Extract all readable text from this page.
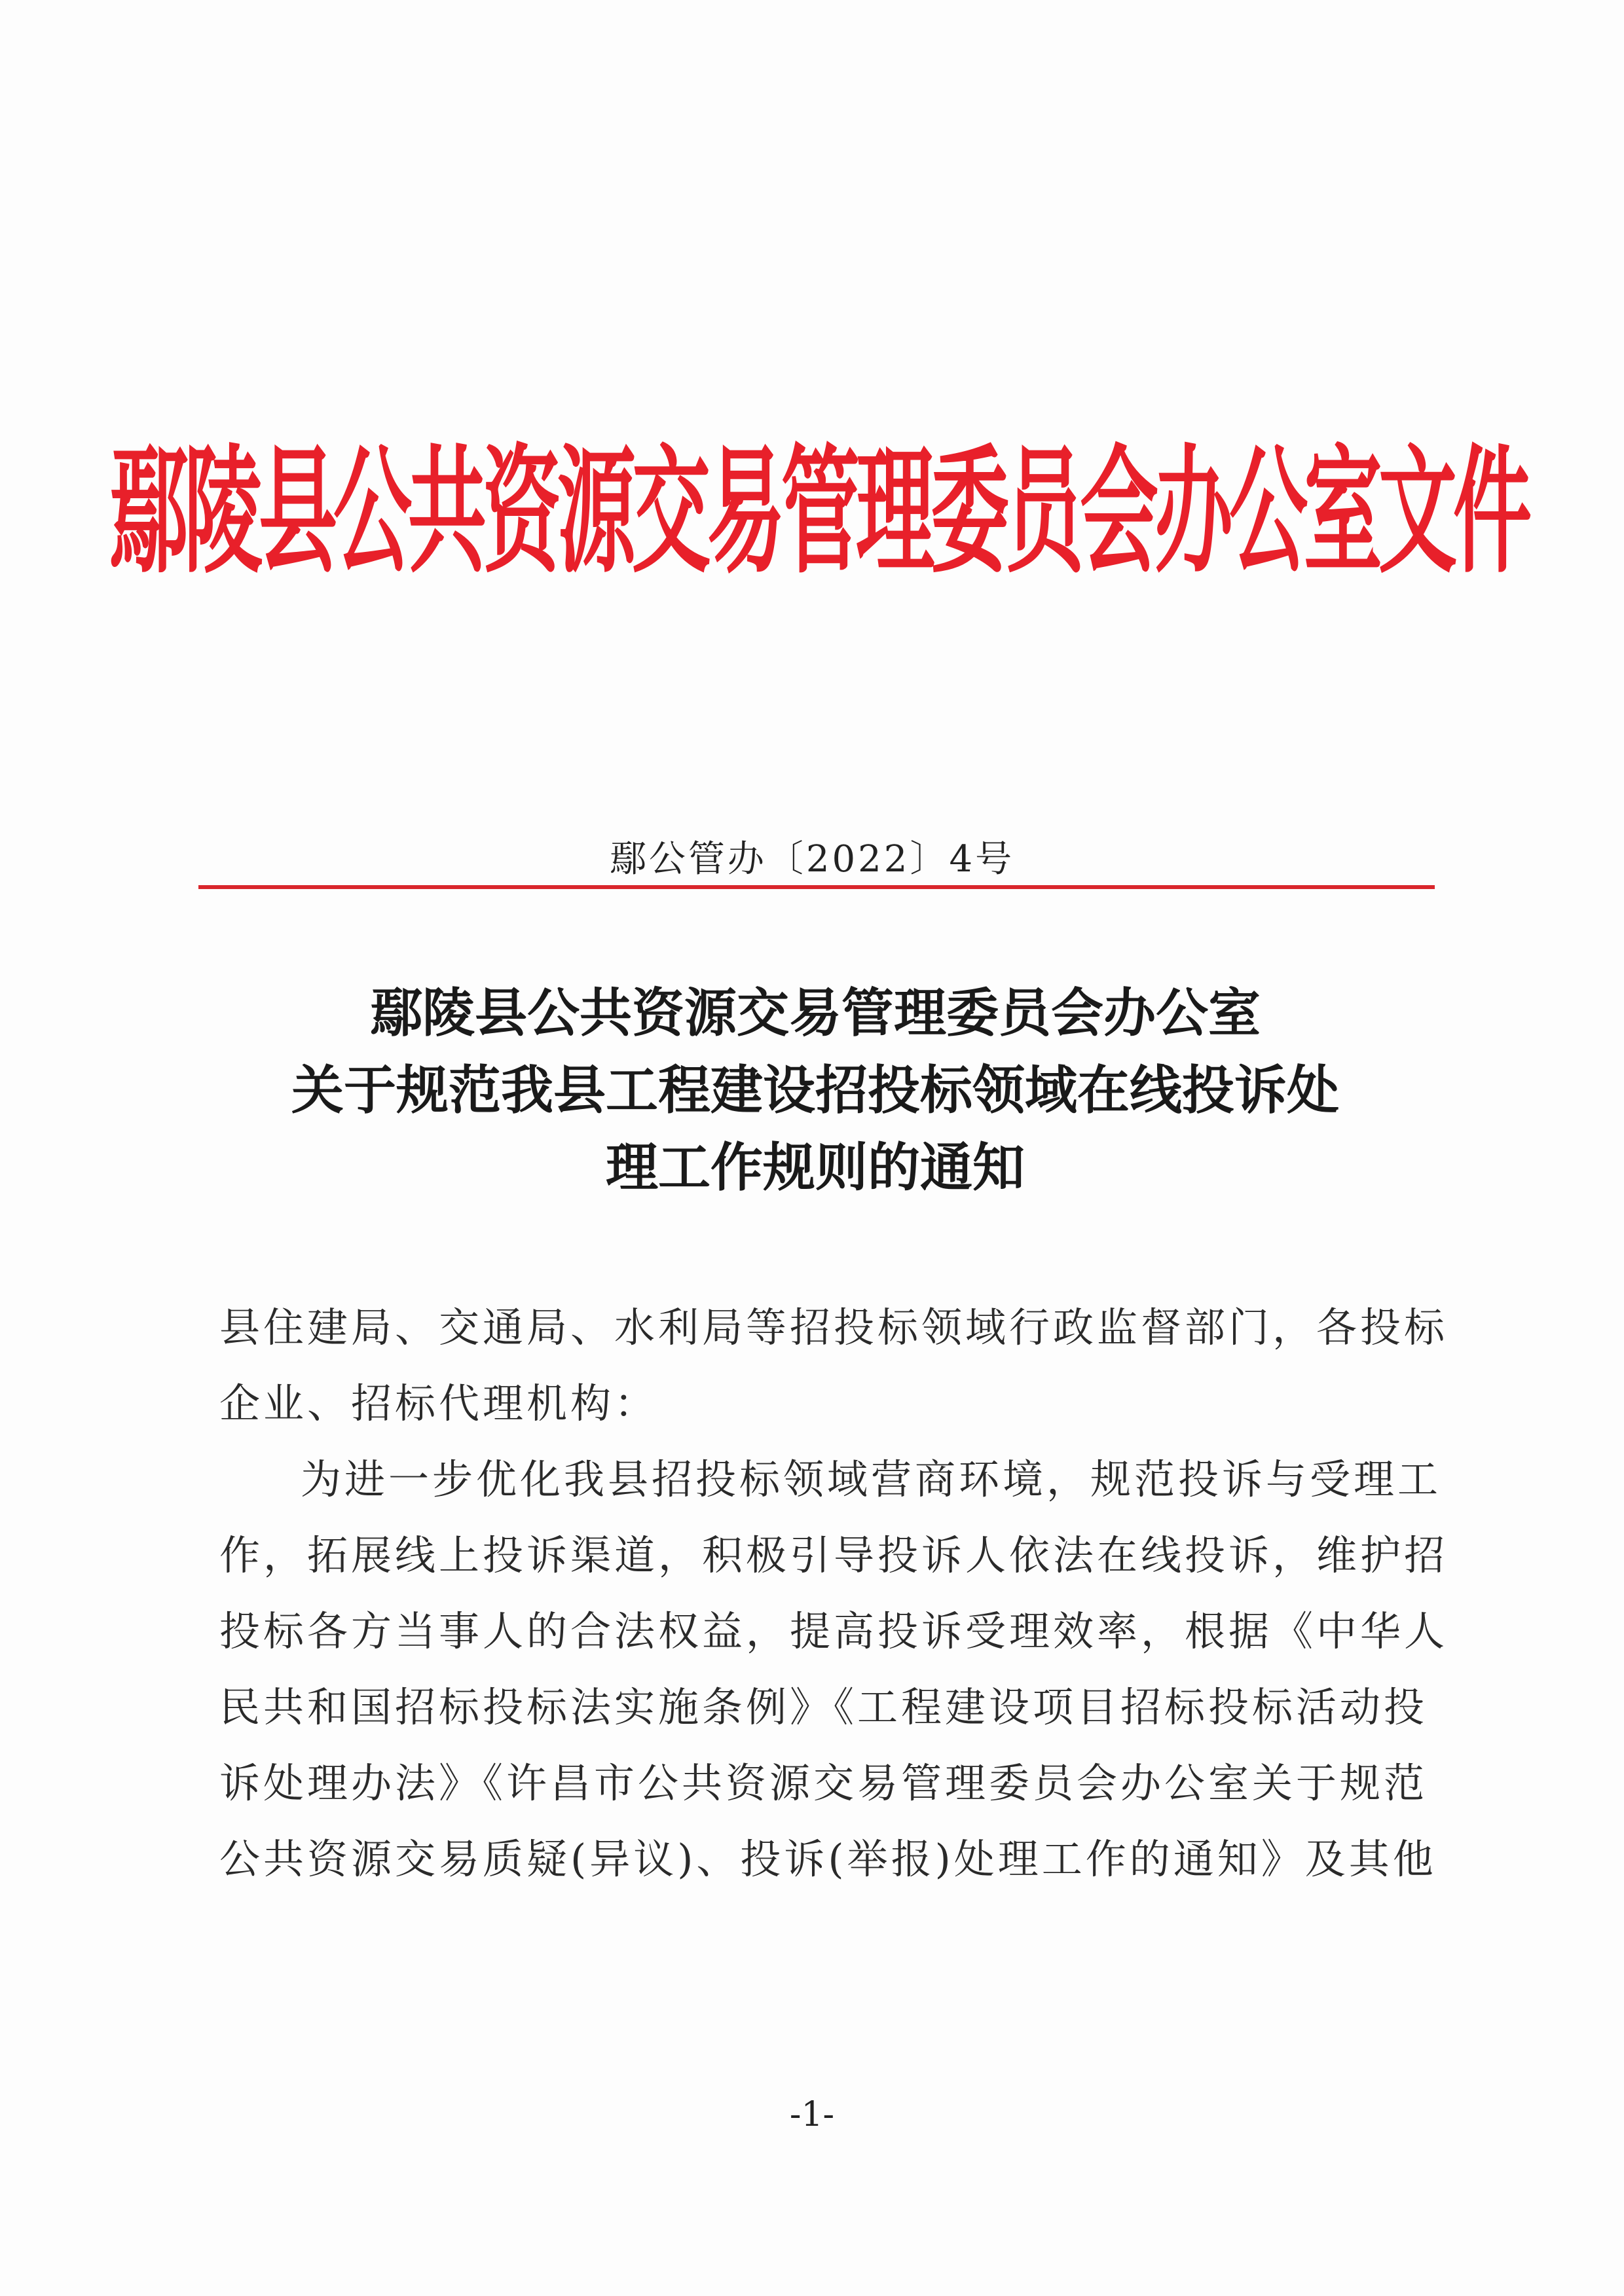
鄢陵县公共资源交易管理委员会办公室文件
鄢公管办〔2022〕4号
鄢陵县公共资源交易管理委员会办公室
关于规范我县工程建设招投标领域在线投诉处
理工作规则的通知
县住建局、交通局、水利局等招投标领域行政监督部门，各投标
企业、招标代理机构：
为进一步优化我县招投标领域营商环境，规范投诉与受理工
作，拓展线上投诉渠道，积极引导投诉人依法在线投诉，维护招
投标各方当事人的合法权益，提高投诉受理效率，根据《中华人
民共和国招标投标法实施条例》《工程建设项目招标投标活动投
诉处理办法》《许昌市公共资源交易管理委员会办公室关于规范
公共资源交易质疑(异议)、投诉(举报)处理工作的通知》及其他
-1-
